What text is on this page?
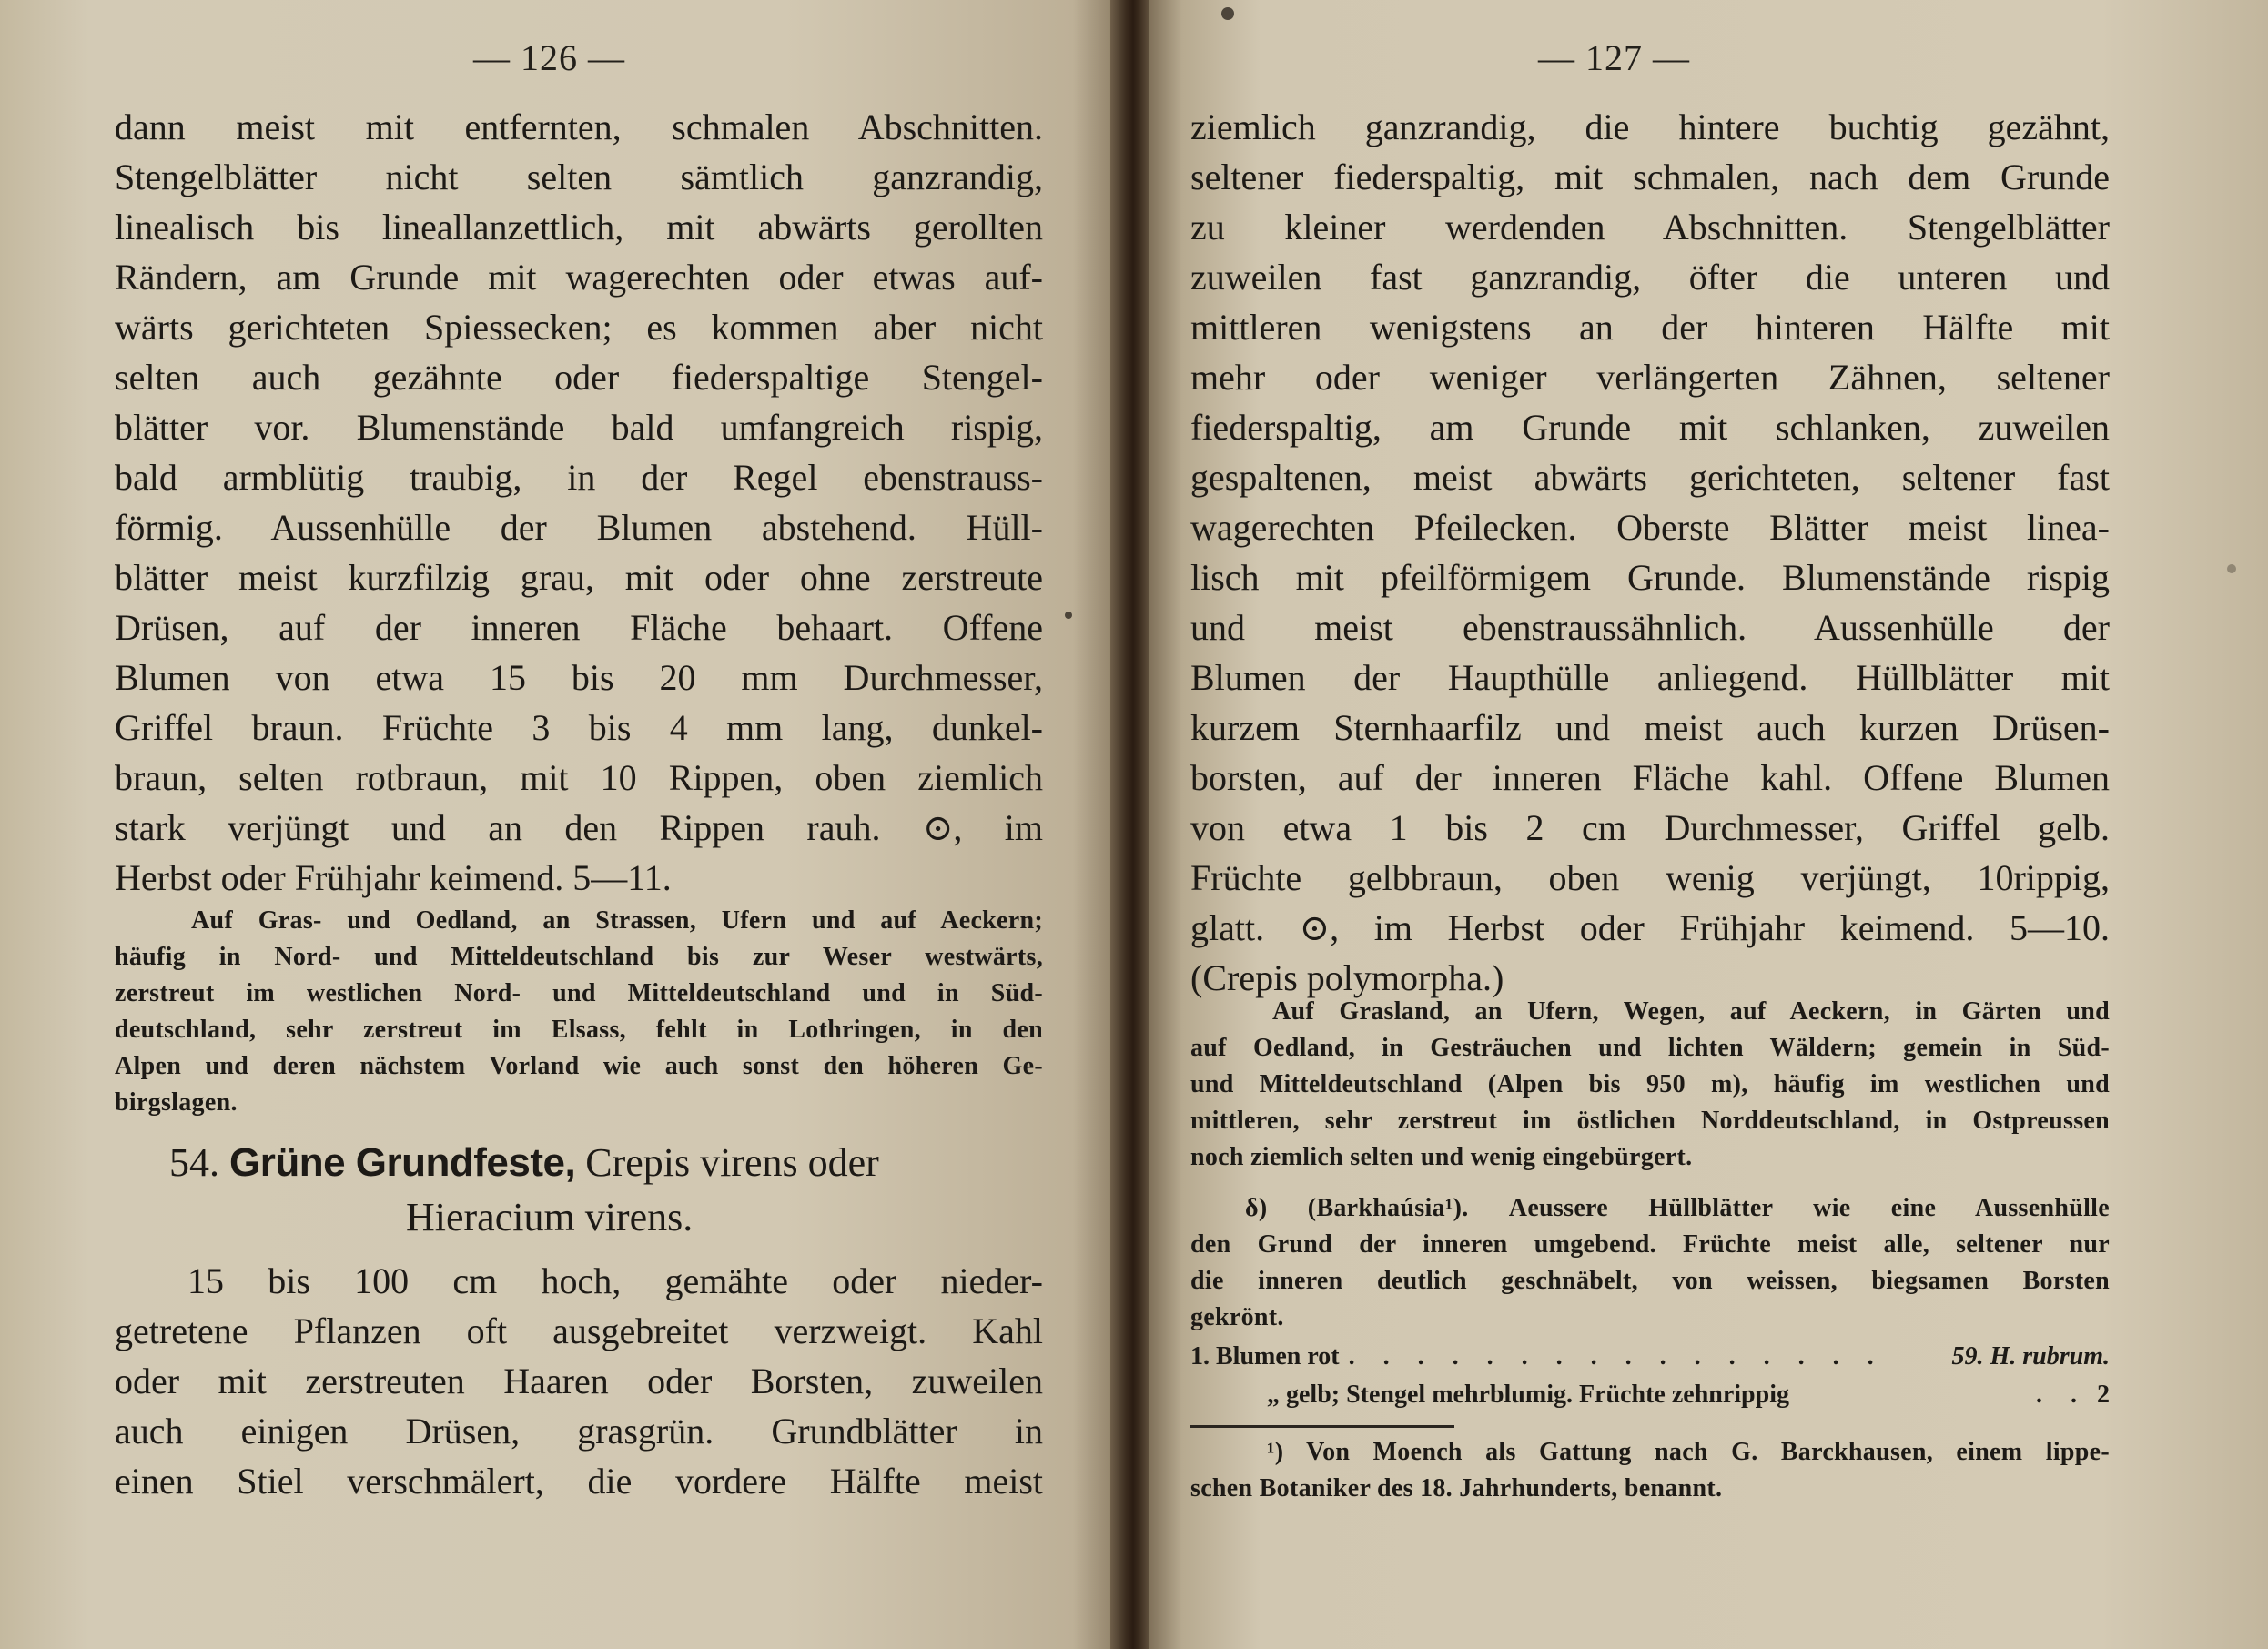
— 126 —
dann meist mit entfernten, schmalen Abschnitten.
Stengelblätter nicht selten sämtlich ganzrandig,
linealisch bis lineallanzettlich, mit abwärts gerollten
Rändern, am Grunde mit wagerechten oder etwas auf-
wärts gerichteten Spiessecken; es kommen aber nicht
selten auch gezähnte oder fiederspaltige Stengel-
blätter vor. Blumenstände bald umfangreich rispig,
bald armblütig traubig, in der Regel ebenstrauss-
förmig. Aussenhülle der Blumen abstehend. Hüll-
blätter meist kurzfilzig grau, mit oder ohne zerstreute
Drüsen, auf der inneren Fläche behaart. Offene
Blumen von etwa 15 bis 20 mm Durchmesser,
Griffel braun. Früchte 3 bis 4 mm lang, dunkel-
braun, selten rotbraun, mit 10 Rippen, oben ziemlich
stark verjüngt und an den Rippen rauh. ⊙, im
Herbst oder Frühjahr keimend. 5—11.
Auf Gras- und Oedland, an Strassen, Ufern und auf Aeckern;
häufig in Nord- und Mitteldeutschland bis zur Weser westwärts,
zerstreut im westlichen Nord- und Mitteldeutschland und in Süd-
deutschland, sehr zerstreut im Elsass, fehlt in Lothringen, in den
Alpen und deren nächstem Vorland wie auch sonst den höheren Ge-
birgslagen.
54. Grüne Grundfeste, Crepis virens oder
Hieracium virens.
15 bis 100 cm hoch, gemähte oder nieder-
getretene Pflanzen oft ausgebreitet verzweigt. Kahl
oder mit zerstreuten Haaren oder Borsten, zuweilen
auch einigen Drüsen, grasgrün. Grundblätter in
einen Stiel verschmälert, die vordere Hälfte meist
— 127 —
ziemlich ganzrandig, die hintere buchtig gezähnt,
seltener fiederspaltig, mit schmalen, nach dem Grunde
zu kleiner werdenden Abschnitten. Stengelblätter
zuweilen fast ganzrandig, öfter die unteren und
mittleren wenigstens an der hinteren Hälfte mit
mehr oder weniger verlängerten Zähnen, seltener
fiederspaltig, am Grunde mit schlanken, zuweilen
gespaltenen, meist abwärts gerichteten, seltener fast
wagerechten Pfeilecken. Oberste Blätter meist linea-
lisch mit pfeilförmigem Grunde. Blumenstände rispig
und meist ebenstraussähnlich. Aussenhülle der
Blumen der Haupthülle anliegend. Hüllblätter mit
kurzem Sternhaarfilz und meist auch kurzen Drüsen-
borsten, auf der inneren Fläche kahl. Offene Blumen
von etwa 1 bis 2 cm Durchmesser, Griffel gelb.
Früchte gelbbraun, oben wenig verjüngt, 10rippig,
glatt. ⊙, im Herbst oder Frühjahr keimend. 5—10.
(Crepis polymorpha.)
Auf Grasland, an Ufern, Wegen, auf Aeckern, in Gärten und
auf Oedland, in Gesträuchen und lichten Wäldern; gemein in Süd-
und Mitteldeutschland (Alpen bis 950 m), häufig im westlichen und
mittleren, sehr zerstreut im östlichen Norddeutschland, in Ostpreussen
noch ziemlich selten und wenig eingebürgert.
δ) (Barkhaúsia¹). Aeussere Hüllblätter wie eine Aussenhülle
den Grund der inneren umgebend. Früchte meist alle, seltener nur
die inneren deutlich geschnäbelt, von weissen, biegsamen Borsten
gekrönt.
1. Blumen rot . . . . . . . . . . . . . . . .	59. H. rubrum.
„ gelb; Stengel mehrblumig. Früchte zehnrippig	. . 2
¹) Von Moench als Gattung nach G. Barckhausen, einem lippe-
schen Botaniker des 18. Jahrhunderts, benannt.
